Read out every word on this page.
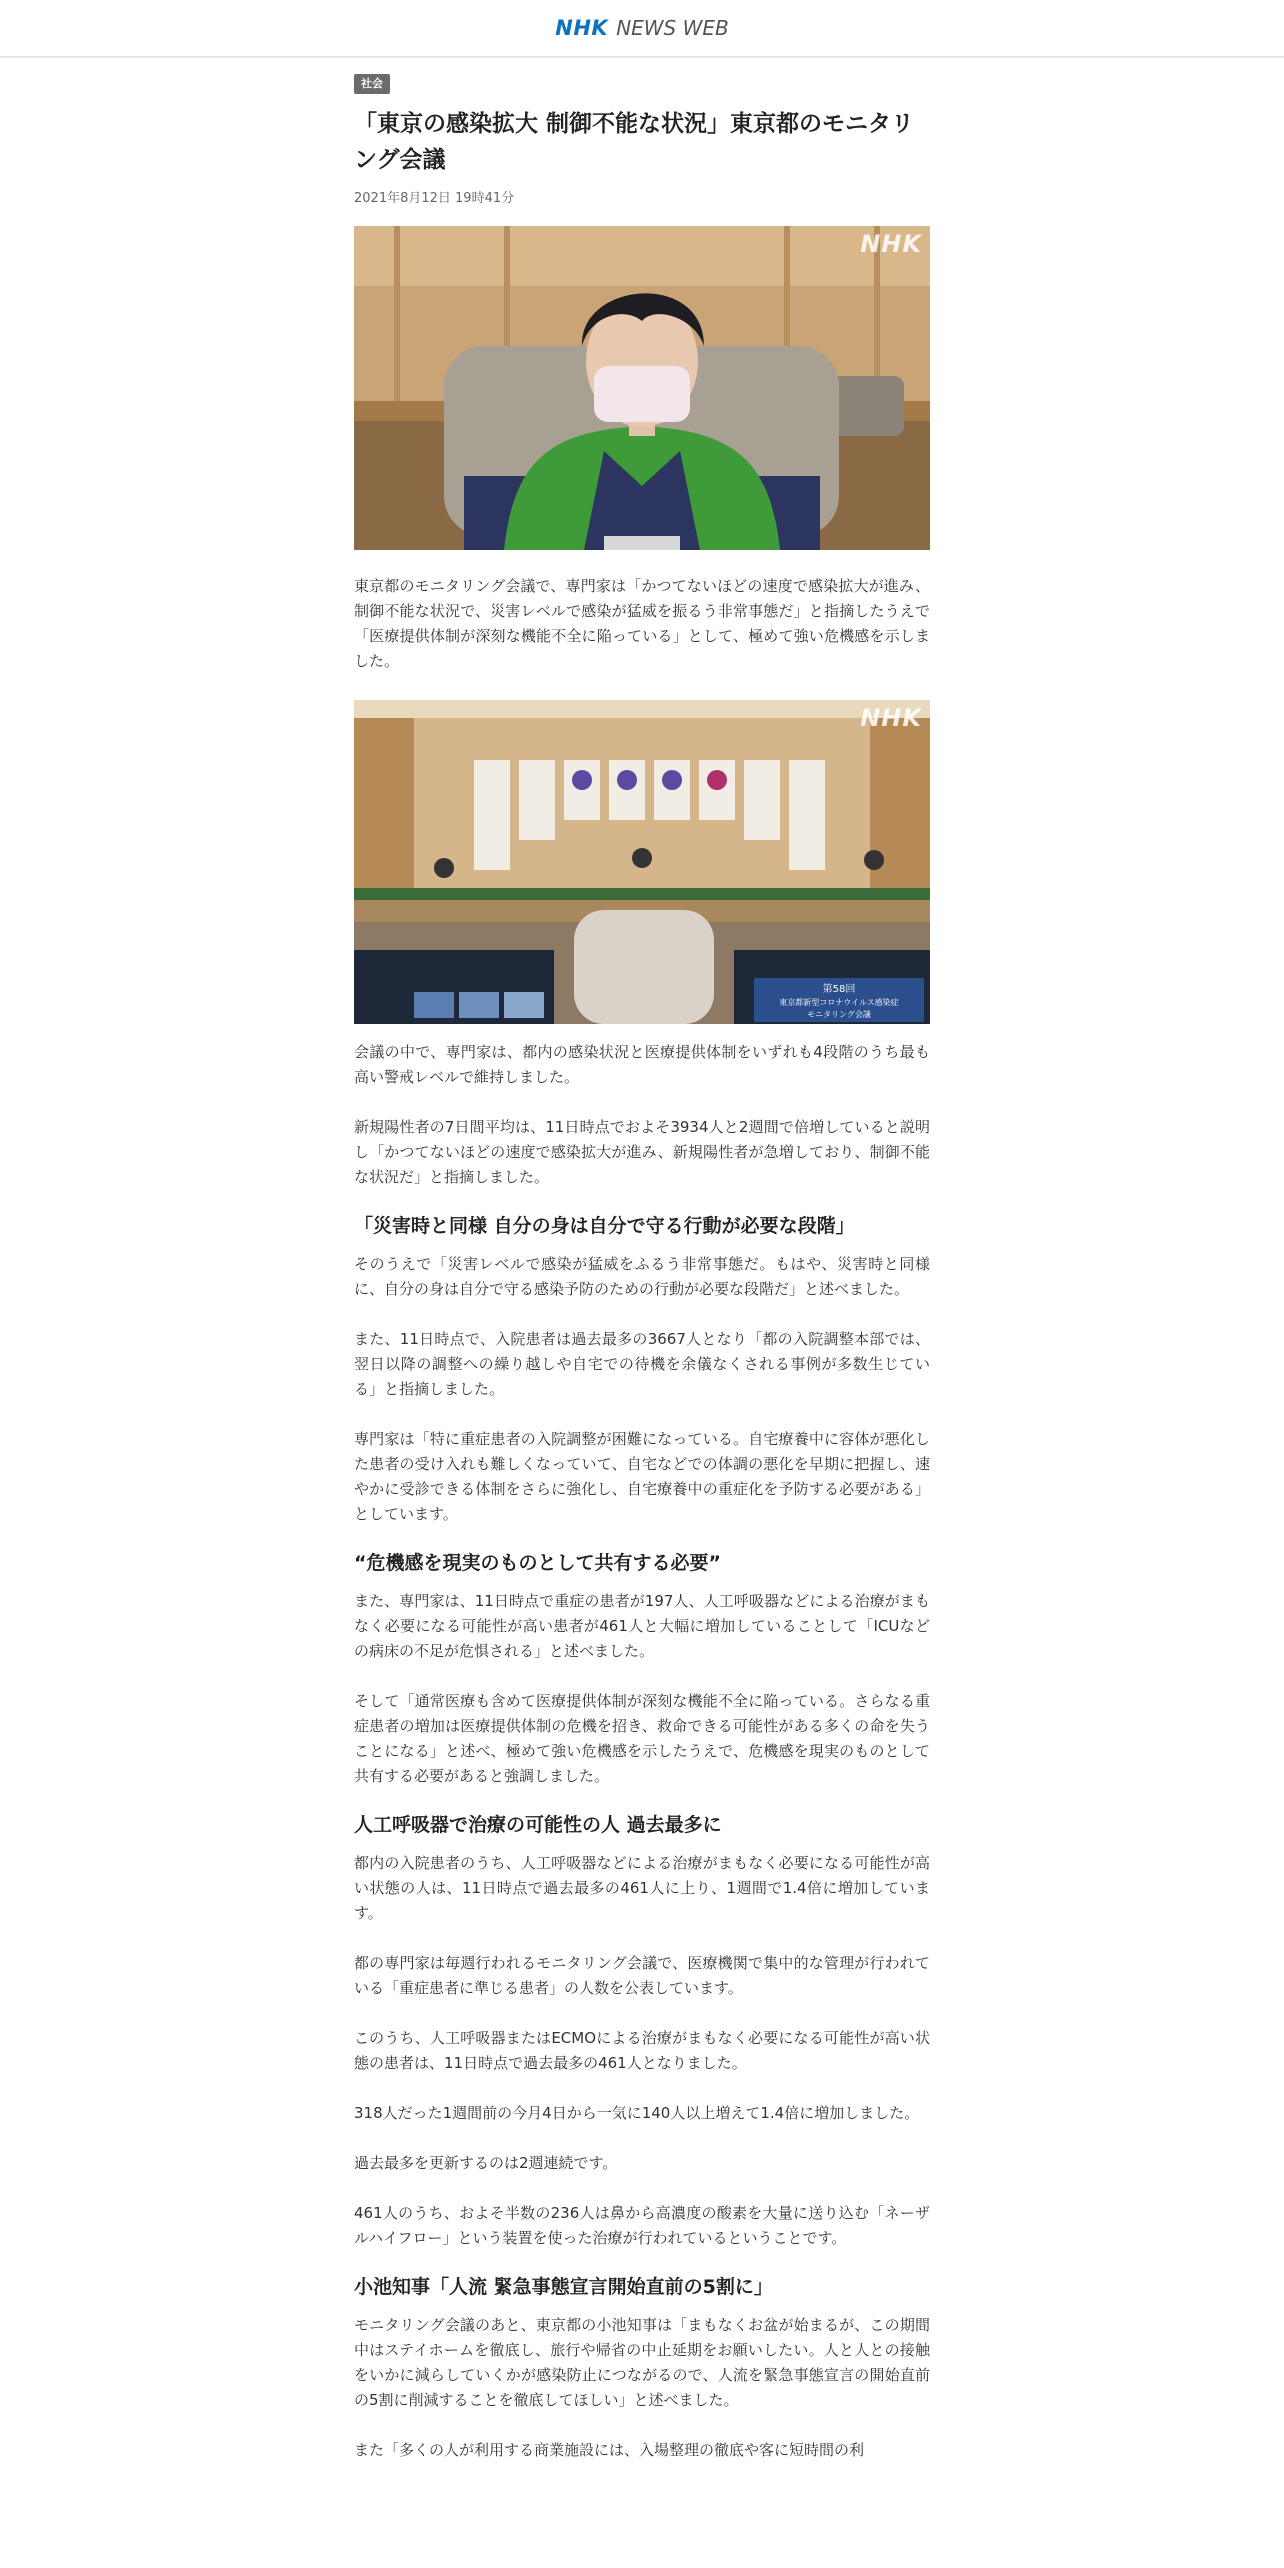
NHK NEWS WEB
社会
「東京の感染拡大 制御不能な状況」東京都のモニタリング会議
2021年8月12日 19時41分
NHK

東京都のモニタリング会議で、専門家は「かつてないほどの速度で感染拡大が進み、制御不能な状況で、災害レベルで感染が猛威を振るう非常事態だ」と指摘したうえで「医療提供体制が深刻な機能不全に陥っている」として、極めて強い危機感を示しました。

第58回
東京都新型コロナウイルス感染症
モニタリング会議
NHK

会議の中で、専門家は、都内の感染状況と医療提供体制をいずれも4段階のうち最も高い警戒レベルで維持しました。

新規陽性者の7日間平均は、11日時点でおよそ3934人と2週間で倍増していると説明し「かつてないほどの速度で感染拡大が進み、新規陽性者が急増しており、制御不能な状況だ」と指摘しました。

「災害時と同様 自分の身は自分で守る行動が必要な段階」

そのうえで「災害レベルで感染が猛威をふるう非常事態だ。もはや、災害時と同様に、自分の身は自分で守る感染予防のための行動が必要な段階だ」と述べました。

また、11日時点で、入院患者は過去最多の3667人となり「都の入院調整本部では、翌日以降の調整への繰り越しや自宅での待機を余儀なくされる事例が多数生じている」と指摘しました。

専門家は「特に重症患者の入院調整が困難になっている。自宅療養中に容体が悪化した患者の受け入れも難しくなっていて、自宅などでの体調の悪化を早期に把握し、速やかに受診できる体制をさらに強化し、自宅療養中の重症化を予防する必要がある」としています。

“危機感を現実のものとして共有する必要”

また、専門家は、11日時点で重症の患者が197人、人工呼吸器などによる治療がまもなく必要になる可能性が高い患者が461人と大幅に増加していることして「ICUなどの病床の不足が危惧される」と述べました。

そして「通常医療も含めて医療提供体制が深刻な機能不全に陥っている。さらなる重症患者の増加は医療提供体制の危機を招き、救命できる可能性がある多くの命を失うことになる」と述べ、極めて強い危機感を示したうえで、危機感を現実のものとして共有する必要があると強調しました。

人工呼吸器で治療の可能性の人 過去最多に

都内の入院患者のうち、人工呼吸器などによる治療がまもなく必要になる可能性が高い状態の人は、11日時点で過去最多の461人に上り、1週間で1.4倍に増加しています。

都の専門家は毎週行われるモニタリング会議で、医療機関で集中的な管理が行われている「重症患者に準じる患者」の人数を公表しています。

このうち、人工呼吸器またはECMOによる治療がまもなく必要になる可能性が高い状態の患者は、11日時点で過去最多の461人となりました。

318人だった1週間前の今月4日から一気に140人以上増えて1.4倍に増加しました。

過去最多を更新するのは2週連続です。

461人のうち、およそ半数の236人は鼻から高濃度の酸素を大量に送り込む「ネーザルハイフロー」という装置を使った治療が行われているということです。

小池知事「人流 緊急事態宣言開始直前の5割に」

モニタリング会議のあと、東京都の小池知事は「まもなくお盆が始まるが、この期間中はステイホームを徹底し、旅行や帰省の中止延期をお願いしたい。人と人との接触をいかに減らしていくかが感染防止につながるので、人流を緊急事態宣言の開始直前の5割に削減することを徹底してほしい」と述べました。

また「多くの人が利用する商業施設には、入場整理の徹底や客に短時間の利
